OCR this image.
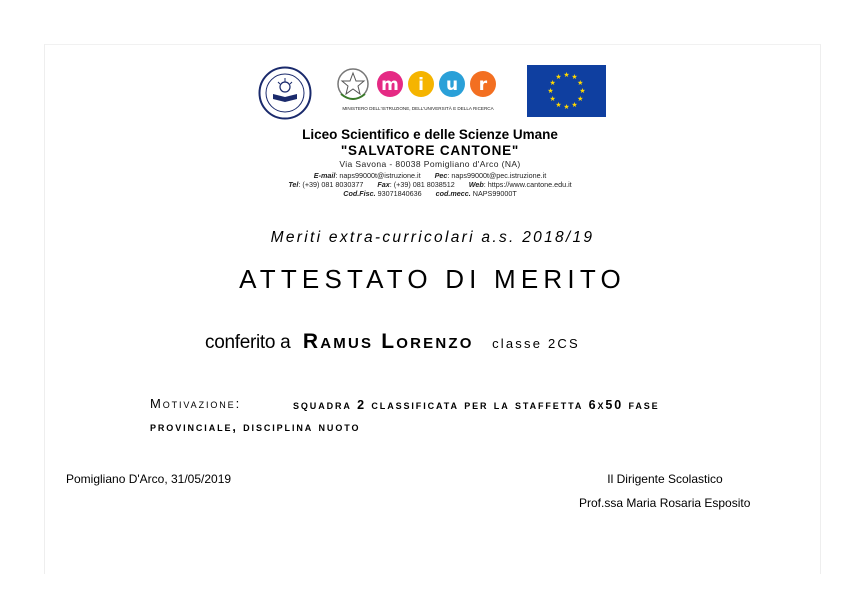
m i u r
MINISTERO DELL'ISTRUZIONE, DELL'UNIVERSITÀ E DELLA RICERCA
★ ★
★
★
★
★
★
★
★
★
★
★
Liceo Scientifico e delle Scienze Umane
"SALVATORE CANTONE"
Via Savona - 80038 Pomigliano d'Arco (NA)
E-mail: naps99000t@istruzione.it Pec: naps99000t@pec.istruzione.it
Tel: (+39) 081 8030377 Fax: (+39) 081 8038512 Web: https://www.cantone.edu.it
Cod.Fisc. 93071840636 cod.mecc. NAPS99000T
Meriti extra-curricolari a.s. 2018/19
ATTESTATO DI MERITO
conferito a Ramus Lorenzo classe 2CS
Motivazione:	squadra 2 classificata per la staffetta 6x50 fase provinciale, disciplina nuoto
Pomigliano D'Arco, 31/05/2019	Il Dirigente Scolastico
Prof.ssa Maria Rosaria Esposito
